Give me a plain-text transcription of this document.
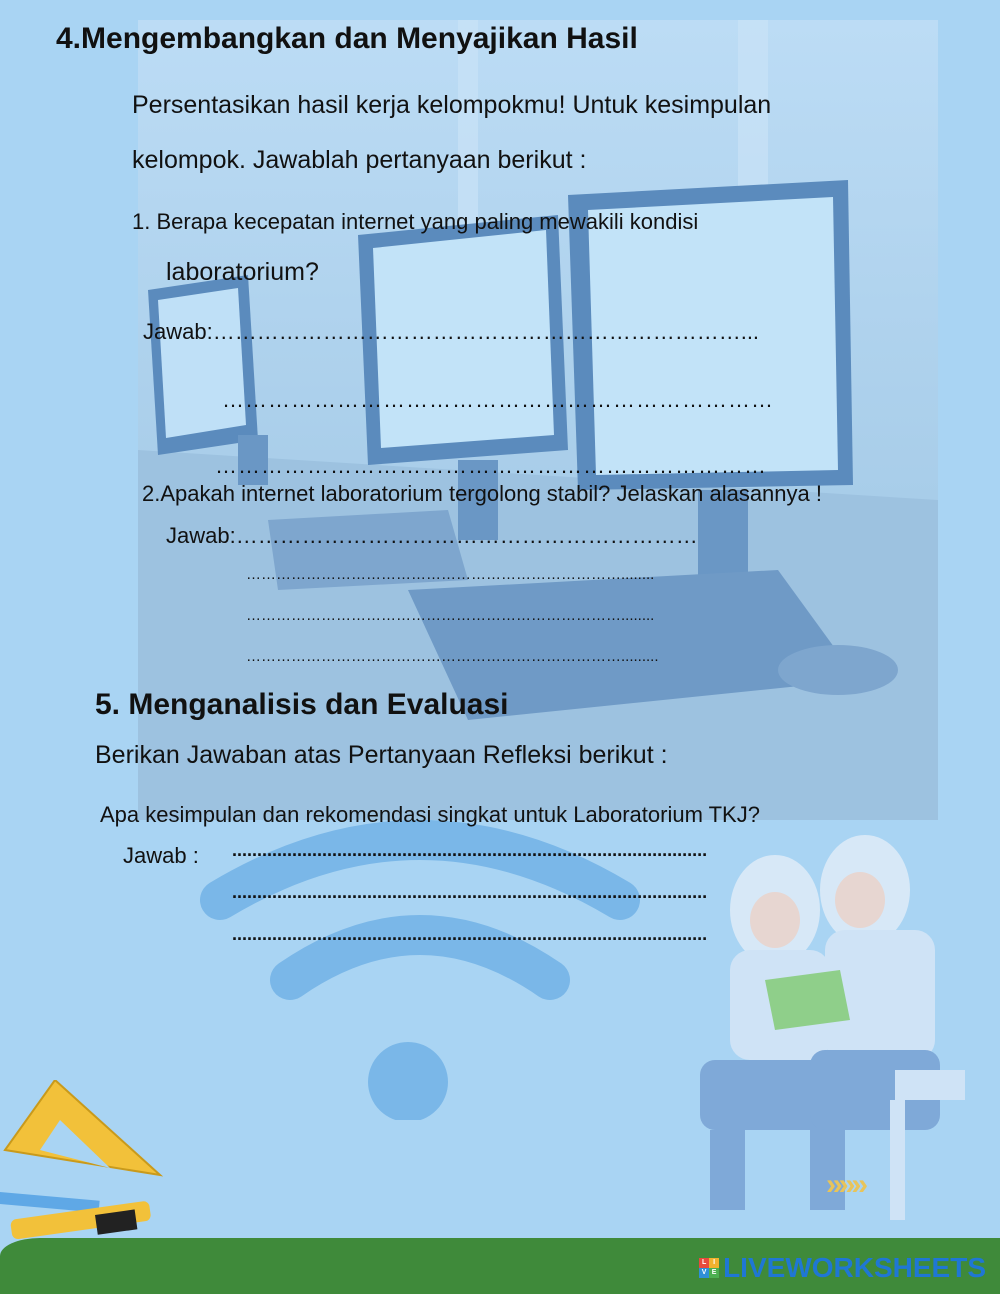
»»»
4.Mengembangkan dan Menyajikan Hasil
Persentasikan hasil kerja kelompokmu! Untuk kesimpulan
kelompok. Jawablah pertanyaan berikut :
1. Berapa kecepatan internet yang paling mewakili kondisi
laboratorium?
Jawab:………………………………………………………………...
………………………………………………………………
………………………………………………………………
2.Apakah internet laboratorium tergolong stabil? Jelaskan alasannya !
Jawab:………………………………………………………
…………………………………………………………………........
…………………………………………………………………........
………………………………………………………………….........
5. Menganalisis dan Evaluasi
Berikan Jawaban atas Pertanyaan Refleksi berikut :
Apa kesimpulan dan rekomendasi singkat untuk Laboratorium TKJ?
Jawab : ...............................................................................................
...............................................................................................
...............................................................................................
L I
V E LIVEWORKSHEETS
